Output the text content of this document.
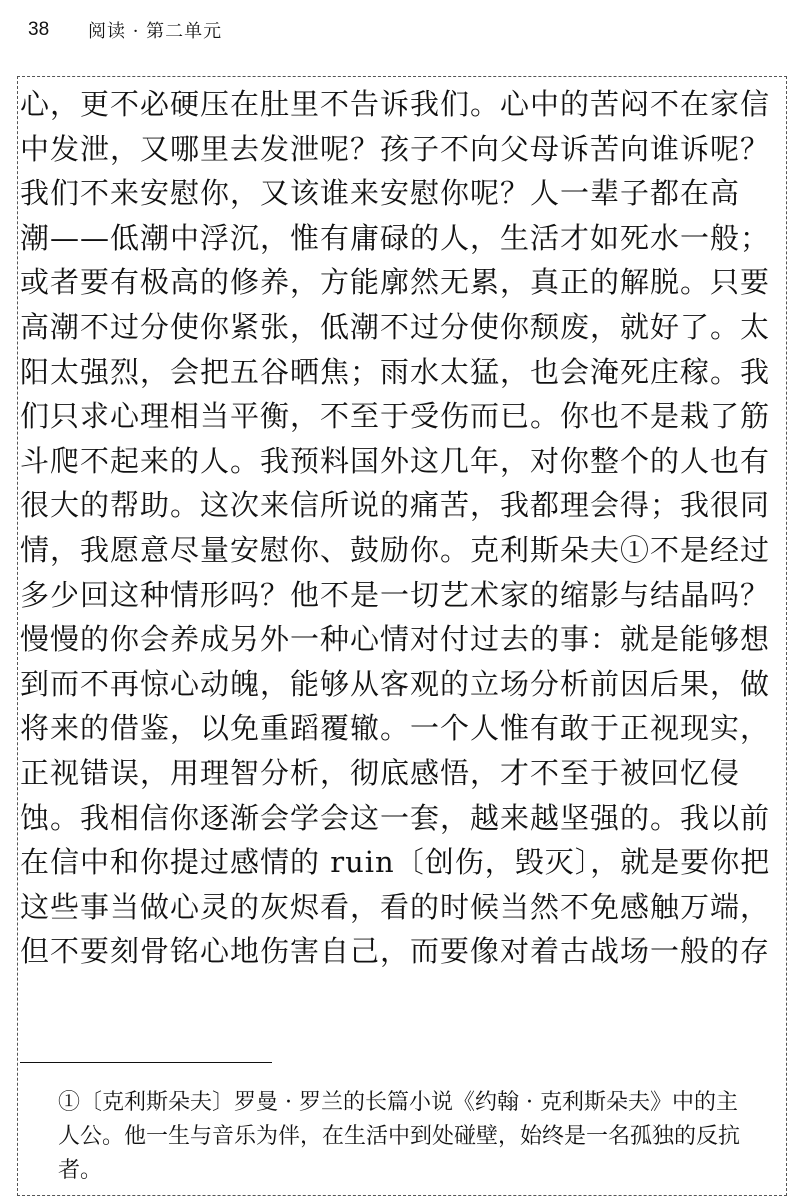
38	阅读 · 第二单元
心，更不必硬压在肚里不告诉我们。心中的苦闷不在家信
中发泄，又哪里去发泄呢？孩子不向父母诉苦向谁诉呢？
我们不来安慰你，又该谁来安慰你呢？人一辈子都在高
潮——低潮中浮沉，惟有庸碌的人，生活才如死水一般；
或者要有极高的修养，方能廓然无累，真正的解脱。只要
高潮不过分使你紧张，低潮不过分使你颓废，就好了。太
阳太强烈，会把五谷晒焦；雨水太猛，也会淹死庄稼。我
们只求心理相当平衡，不至于受伤而已。你也不是栽了筋
斗爬不起来的人。我预料国外这几年，对你整个的人也有
很大的帮助。这次来信所说的痛苦，我都理会得；我很同
情，我愿意尽量安慰你、鼓励你。克利斯朵夫①不是经过
多少回这种情形吗？他不是一切艺术家的缩影与结晶吗？
慢慢的你会养成另外一种心情对付过去的事：就是能够想
到而不再惊心动魄，能够从客观的立场分析前因后果，做
将来的借鉴，以免重蹈覆辙。一个人惟有敢于正视现实，
正视错误，用理智分析，彻底感悟，才不至于被回忆侵
蚀。我相信你逐渐会学会这一套，越来越坚强的。我以前
在信中和你提过感情的 ruin〔创伤，毁灭〕，就是要你把
这些事当做心灵的灰烬看，看的时候当然不免感触万端，
但不要刻骨铭心地伤害自己，而要像对着古战场一般的存
①〔克利斯朵夫〕罗曼 · 罗兰的长篇小说《约翰 · 克利斯朵夫》中的主
人公。他一生与音乐为伴，在生活中到处碰壁，始终是一名孤独的反抗
者。
